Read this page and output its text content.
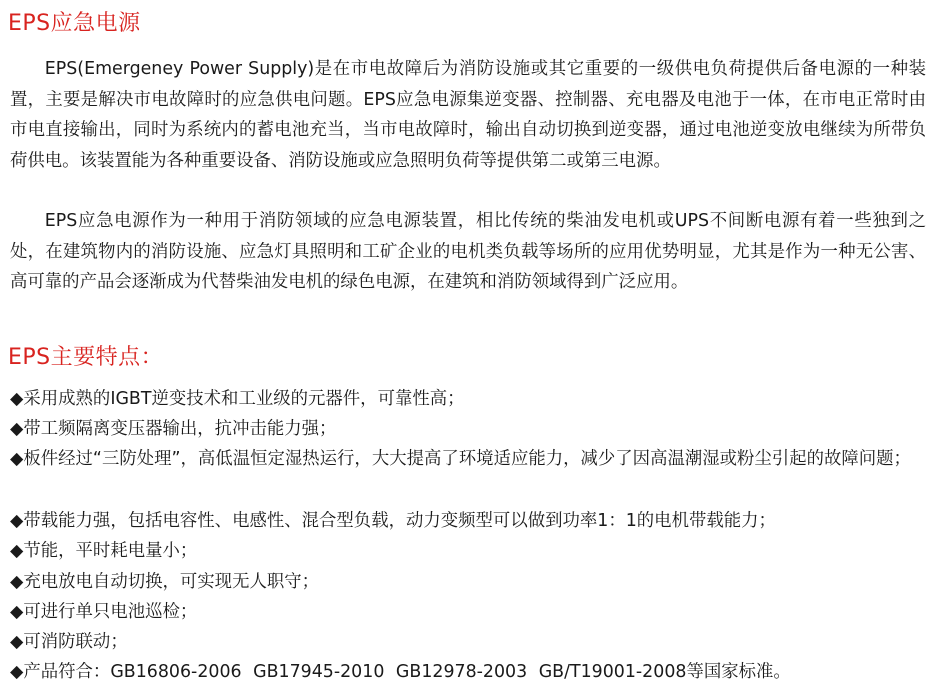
EPS应急电源

EPS(Emergeney Power Supply)是在市电故障后为消防设施或其它重要的一级供电负荷提供后备电源的一种装置，主要是解决市电故障时的应急供电问题。EPS应急电源集逆变器、控制器、充电器及电池于一体，在市电正常时由市电直接输出，同时为系统内的蓄电池充当，当市电故障时，输出自动切换到逆变器，通过电池逆变放电继续为所带负荷供电。该装置能为各种重要设备、消防设施或应急照明负荷等提供第二或第三电源。

EPS应急电源作为一种用于消防领域的应急电源装置，相比传统的柴油发电机或UPS不间断电源有着一些独到之处，在建筑物内的消防设施、应急灯具照明和工矿企业的电机类负载等场所的应用优势明显，尤其是作为一种无公害、高可靠的产品会逐渐成为代替柴油发电机的绿色电源，在建筑和消防领域得到广泛应用。

EPS主要特点：

◆采用成熟的IGBT逆变技术和工业级的元器件，可靠性高；

◆带工频隔离变压器输出，抗冲击能力强；

◆板件经过“三防处理”，高低温恒定湿热运行，大大提高了环境适应能力，减少了因高温潮湿或粉尘引起的故障问题；

◆带载能力强，包括电容性、电感性、混合型负载，动力变频型可以做到功率1：1的电机带载能力；

◆节能，平时耗电量小；

◆充电放电自动切换，可实现无人职守；

◆可进行单只电池巡检；

◆可消防联动；

◆产品符合：GB16806-2006 GB17945-2010 GB12978-2003 GB/T19001-2008等国家标准。
